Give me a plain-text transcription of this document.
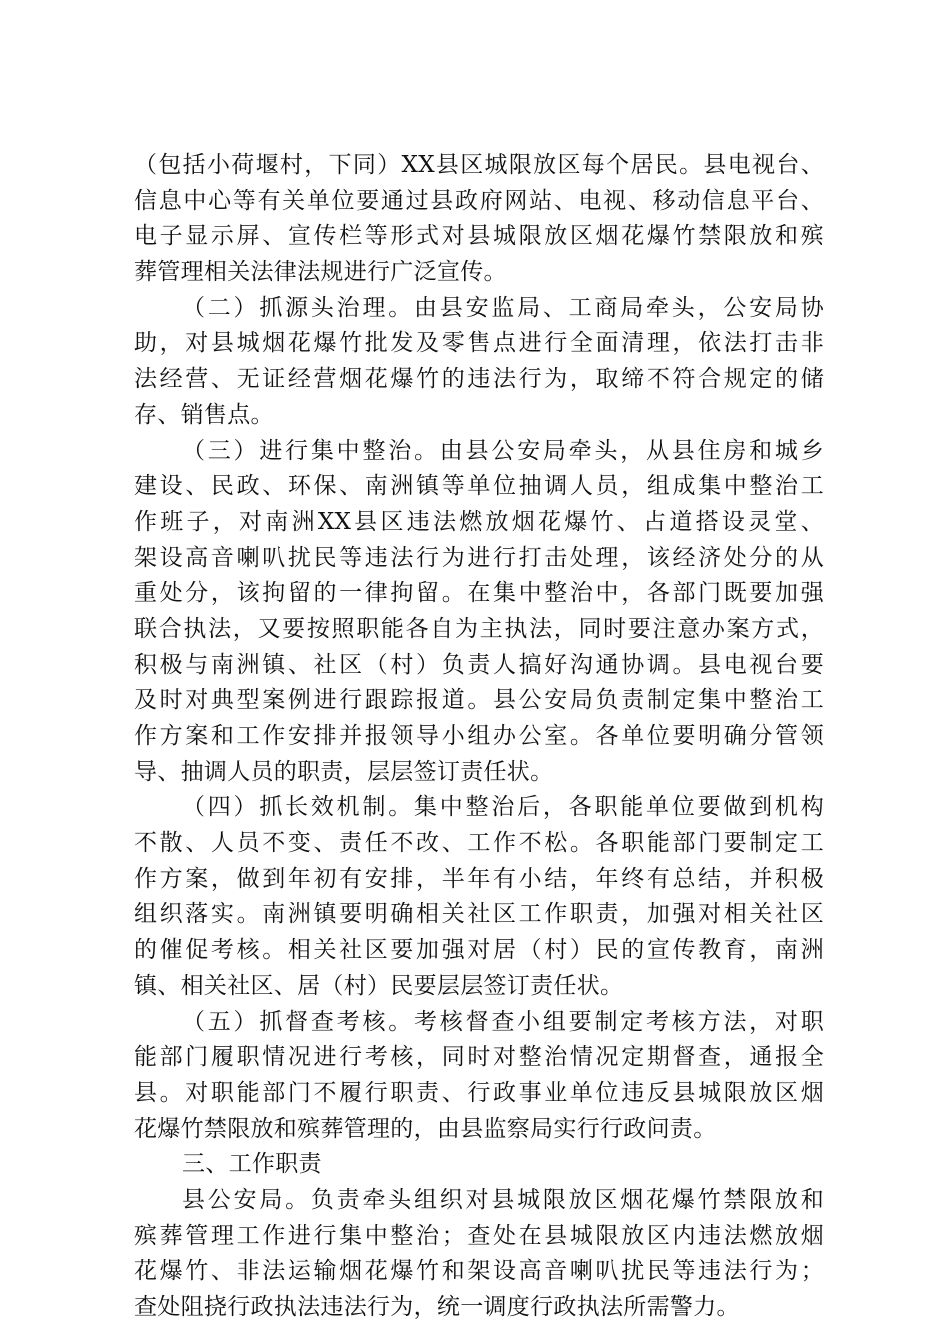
（包括小荷堰村，下同）XX县区城限放区每个居民。县电视台、
信息中心等有关单位要通过县政府网站、电视、移动信息平台、
电子显示屏、宣传栏等形式对县城限放区烟花爆竹禁限放和殡
葬管理相关法律法规进行广泛宣传。
（二）抓源头治理。由县安监局、工商局牵头，公安局协
助，对县城烟花爆竹批发及零售点进行全面清理，依法打击非
法经营、无证经营烟花爆竹的违法行为，取缔不符合规定的储
存、销售点。
（三）进行集中整治。由县公安局牵头，从县住房和城乡
建设、民政、环保、南洲镇等单位抽调人员，组成集中整治工
作班子，对南洲XX县区违法燃放烟花爆竹、占道搭设灵堂、
架设高音喇叭扰民等违法行为进行打击处理，该经济处分的从
重处分，该拘留的一律拘留。在集中整治中，各部门既要加强
联合执法，又要按照职能各自为主执法，同时要注意办案方式，
积极与南洲镇、社区（村）负责人搞好沟通协调。县电视台要
及时对典型案例进行跟踪报道。县公安局负责制定集中整治工
作方案和工作安排并报领导小组办公室。各单位要明确分管领
导、抽调人员的职责，层层签订责任状。
（四）抓长效机制。集中整治后，各职能单位要做到机构
不散、人员不变、责任不改、工作不松。各职能部门要制定工
作方案，做到年初有安排，半年有小结，年终有总结，并积极
组织落实。南洲镇要明确相关社区工作职责，加强对相关社区
的催促考核。相关社区要加强对居（村）民的宣传教育，南洲
镇、相关社区、居（村）民要层层签订责任状。
（五）抓督查考核。考核督查小组要制定考核方法，对职
能部门履职情况进行考核，同时对整治情况定期督查，通报全
县。对职能部门不履行职责、行政事业单位违反县城限放区烟
花爆竹禁限放和殡葬管理的，由县监察局实行行政问责。
三、工作职责
县公安局。负责牵头组织对县城限放区烟花爆竹禁限放和
殡葬管理工作进行集中整治；查处在县城限放区内违法燃放烟
花爆竹、非法运输烟花爆竹和架设高音喇叭扰民等违法行为；
查处阻挠行政执法违法行为，统一调度行政执法所需警力。
